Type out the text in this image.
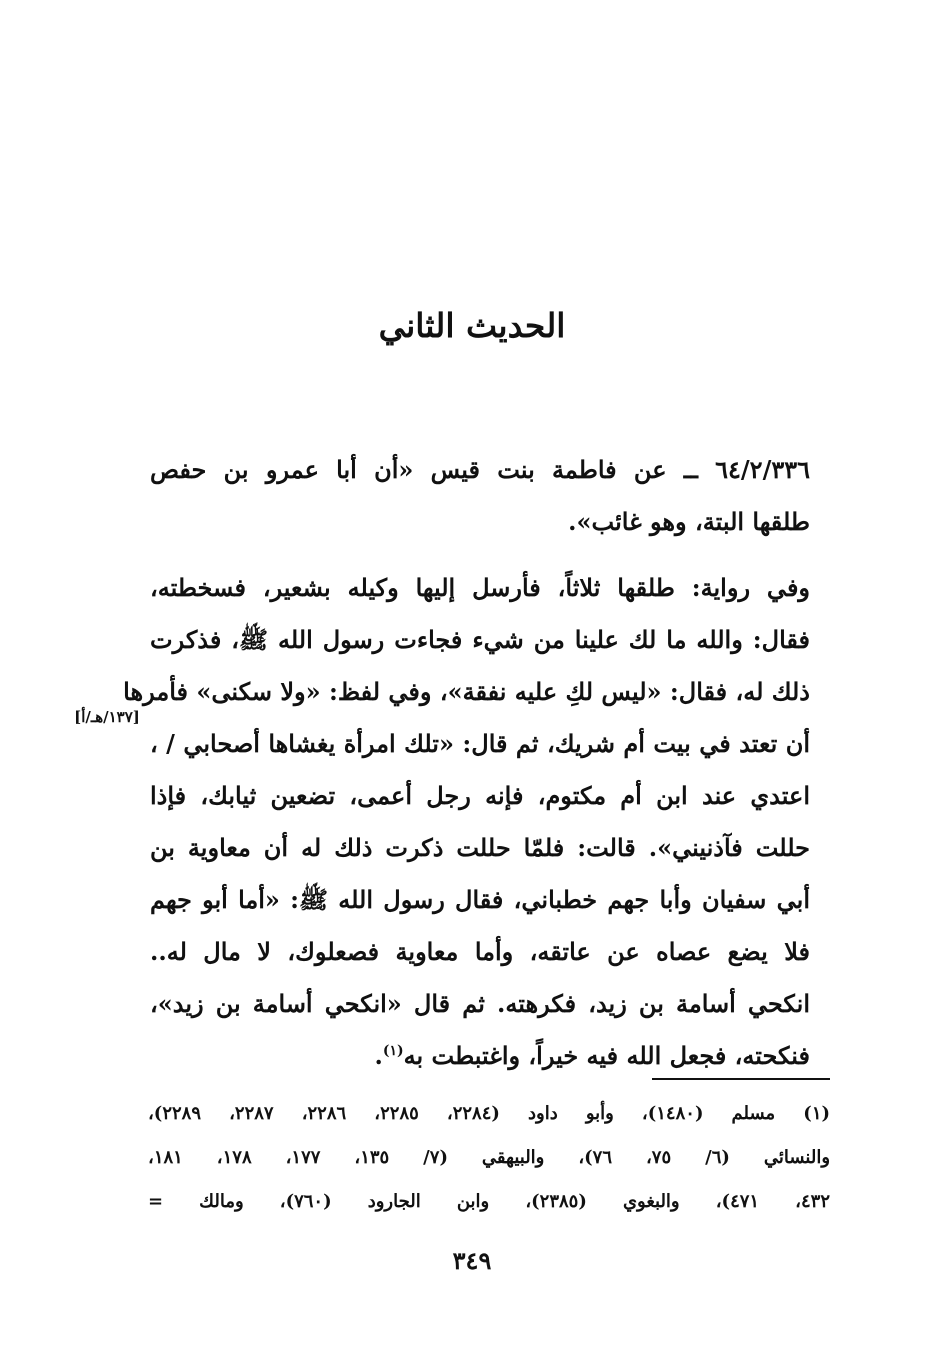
الحديث الثاني
٦٤/٢/٣٣٦ ــ عن فاطمة بنت قيس «أن أبا عمرو بن حفص
طلقها البتة، وهو غائب».
وفي رواية: طلقها ثلاثاً، فأرسل إليها وكيله بشعير، فسخطته،
فقال: والله ما لك علينا من شيء فجاءت رسول الله ﷺ، فذكرت
ذلك له، فقال: «ليس لكِ عليه نفقة»، وفي لفظ: «ولا سكنى» فأمرها
أن تعتد في بيت أم شريك، ثم قال: «تلك امرأة يغشاها أصحابي / ،
اعتدي عند ابن أم مكتوم، فإنه رجل أعمى، تضعين ثيابك، فإذا
حللت فآذنيني». قالت: فلمّا حللت ذكرت ذلك له أن معاوية بن
أبي سفيان وأبا جهم خطباني، فقال رسول الله ﷺ: «أما أبو جهم
فلا يضع عصاه عن عاتقه، وأما معاوية فصعلوك، لا مال له..
انكحي أسامة بن زيد، فكرهته. ثم قال «انكحي أسامة بن زيد»،
فنكحته، فجعل الله فيه خيراً، واغتبطت به$^{(١)}$.
[١٣٧/هـ/أ]
(١) مسلم (١٤٨٠)، وأبو داود (٢٢٨٤، ٢٢٨٥، ٢٢٨٦، ٢٢٨٧، ٢٢٨٩)،
والنسائي (٦/ ٧٥، ٧٦)، والبيهقي (٧/ ١٣٥، ١٧٧، ١٧٨، ١٨١،
٤٣٢، ٤٧١)، والبغوي (٢٣٨٥)، وابن الجارود (٧٦٠)، ومالك =
٣٤٩
